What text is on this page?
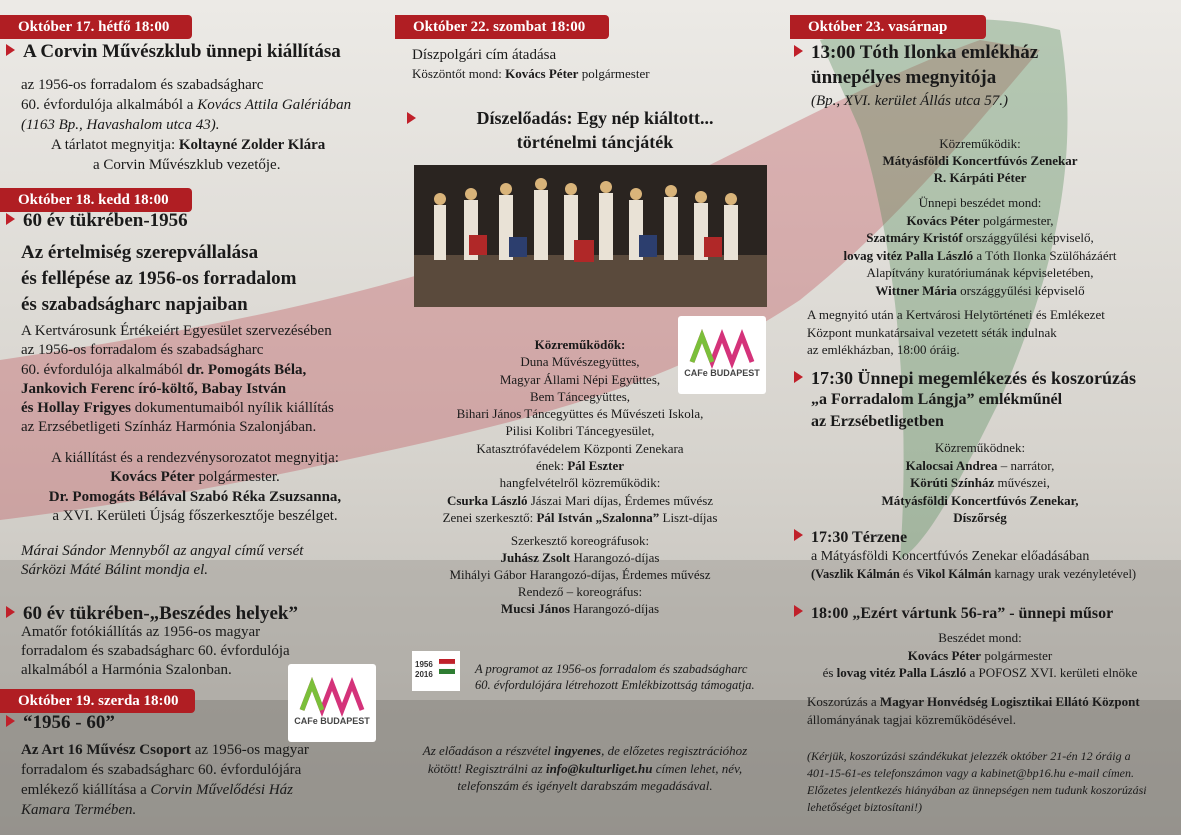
Október 17. hétfő 18:00
A Corvin Művészklub ünnepi kiállítása
az 1956-os forradalom és szabadságharc
60. évfordulója alkalmából a Kovács Attila Galériában
(1163 Bp., Havashalom utca 43).
A tárlatot megnyitja: Koltayné Zolder Klára
a Corvin Művészklub vezetője.
Október 18. kedd 18:00
60 év tükrében-1956
Az értelmiség szerepvállalása
és fellépése az 1956-os forradalom
és szabadságharc napjaiban
A Kertvárosunk Értékeiért Egyesület szervezésében
az 1956-os forradalom és szabadságharc
60. évfordulója alkalmából dr. Pomogáts Béla,
Jankovich Ferenc író-költő, Babay István
és Hollay Frigyes dokumentumaiból nyílik kiállítás
az Erzsébetligeti Színház Harmónia Szalonjában.
A kiállítást és a rendezvénysorozatot megnyitja:
Kovács Péter polgármester.
Dr. Pomogáts Bélával Szabó Réka Zsuzsanna,
a XVI. Kerületi Újság főszerkesztője beszélget.
Márai Sándor Mennyből az angyal című versét
Sárközi Máté Bálint mondja el.
60 év tükrében-„Beszédes helyek”
Amatőr fotókiállítás az 1956-os magyar
forradalom és szabadságharc 60. évfordulója
alkalmából a Harmónia Szalonban.
CAFe BUDAPEST
Október 19. szerda 18:00
“1956 - 60”
Az Art 16 Művész Csoport az 1956-os magyar
forradalom és szabadságharc 60. évfordulójára
emlékező kiállítása a Corvin Művelődési Ház
Kamara Termében.
Október 22. szombat 18:00
Díszpolgári cím átadása
Köszöntőt mond: Kovács Péter polgármester
Díszelőadás: Egy nép kiáltott...
történelmi táncjáték
CAFe BUDAPEST
Közreműködők:
Duna Művészegyüttes,
Magyar Állami Népi Együttes,
Bem Táncegyüttes,
Bihari János Táncegyüttes és Művészeti Iskola,
Pilisi Kolibri Táncegyesület,
Katasztrófavédelem Központi Zenekara
ének: Pál Eszter
hangfelvételről közreműködik:
Csurka László Jászai Mari díjas, Érdemes művész
Zenei szerkesztő: Pál István „Szalonna” Liszt-díjas
Szerkesztő koreográfusok:
Juhász Zsolt Harangozó-díjas
Mihályi Gábor Harangozó-díjas, Érdemes művész
Rendező – koreográfus:
Mucsi János Harangozó-díjas
1956
2016	A programot az 1956-os forradalom és szabadságharc
60. évfordulójára létrehozott Emlékbizottság támogatja.
Az előadáson a részvétel ingyenes, de előzetes regisztrációhoz
kötött! Regisztrálni az info@kulturliget.hu címen lehet, név,
telefonszám és igényelt darabszám megadásával.
Október 23. vasárnap
13:00 Tóth Ilonka emlékház
ünnepélyes megnyitója
(Bp., XVI. kerület Állás utca 57.)
Közreműködik:
Mátyásföldi Koncertfúvós Zenekar
R. Kárpáti Péter
Ünnepi beszédet mond:
Kovács Péter polgármester,
Szatmáry Kristóf országgyűlési képviselő,
lovag vitéz Palla László a Tóth Ilonka Szülőházáért
Alapítvány kuratóriumának képviseletében,
Wittner Mária országgyűlési képviselő
A megnyitó után a Kertvárosi Helytörténeti és Emlékezet
Központ munkatársaival vezetett séták indulnak
az emlékházban, 18:00 óráig.
17:30 Ünnepi megemlékezés és koszorúzás
„a Forradalom Lángja” emlékműnél
az Erzsébetligetben
Közreműködnek:
Kalocsai Andrea – narrátor,
Körúti Színház művészei,
Mátyásföldi Koncertfúvós Zenekar,
Díszőrség
17:30 Térzene
a Mátyásföldi Koncertfúvós Zenekar előadásában
(Vaszlik Kálmán és Vikol Kálmán karnagy urak vezényletével)
18:00 „Ezért vártunk 56-ra” - ünnepi műsor
Beszédet mond:
Kovács Péter polgármester
és lovag vitéz Palla László a POFOSZ XVI. kerületi elnöke
Koszorúzás a Magyar Honvédség Logisztikai Ellátó Központ
állományának tagjai közreműködésével.
(Kérjük, koszorúzási szándékukat jelezzék október 21-én 12 óráig a
401-15-61-es telefonszámon vagy a kabinet@bp16.hu e-mail címen.
Előzetes jelentkezés hiányában az ünnepségen nem tudunk koszorúzási
lehetőséget biztosítani!)
